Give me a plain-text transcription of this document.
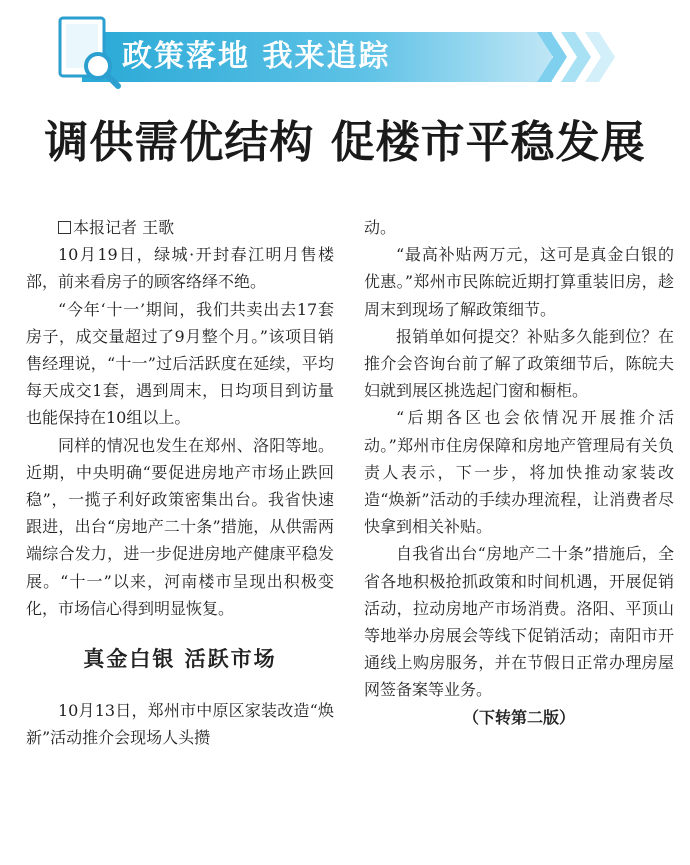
政策落地 我来追踪
调供需优结构 促楼市平稳发展

本报记者 王歌

10月19日，绿城·开封春江明月售楼部，前来看房子的顾客络绎不绝。

“今年‘十一’期间，我们共卖出去17套房子，成交量超过了9月整个月。”该项目销售经理说，“十一”过后活跃度在延续，平均每天成交1套，遇到周末，日均项目到访量也能保持在10组以上。

同样的情况也发生在郑州、洛阳等地。近期，中央明确“要促进房地产市场止跌回稳”，一揽子利好政策密集出台。我省快速跟进，出台“房地产二十条”措施，从供需两端综合发力，进一步促进房地产健康平稳发展。“十一”以来，河南楼市呈现出积极变化，市场信心得到明显恢复。

真金白银 活跃市场

10月13日，郑州市中原区家装改造“焕新”活动推介会现场人头攒

动。

“最高补贴两万元，这可是真金白银的优惠。”郑州市民陈皖近期打算重装旧房，趁周末到现场了解政策细节。

报销单如何提交？补贴多久能到位？在推介会咨询台前了解了政策细节后，陈皖夫妇就到展区挑选起门窗和橱柜。

“后期各区也会依情况开展推介活动。”郑州市住房保障和房地产管理局有关负责人表示，下一步，将加快推动家装改造“焕新”活动的手续办理流程，让消费者尽快拿到相关补贴。

自我省出台“房地产二十条”措施后，全省各地积极抢抓政策和时间机遇，开展促销活动，拉动房地产市场消费。洛阳、平顶山等地举办房展会等线下促销活动；南阳市开通线上购房服务，并在节假日正常办理房屋网签备案等业务。

（下转第二版）
